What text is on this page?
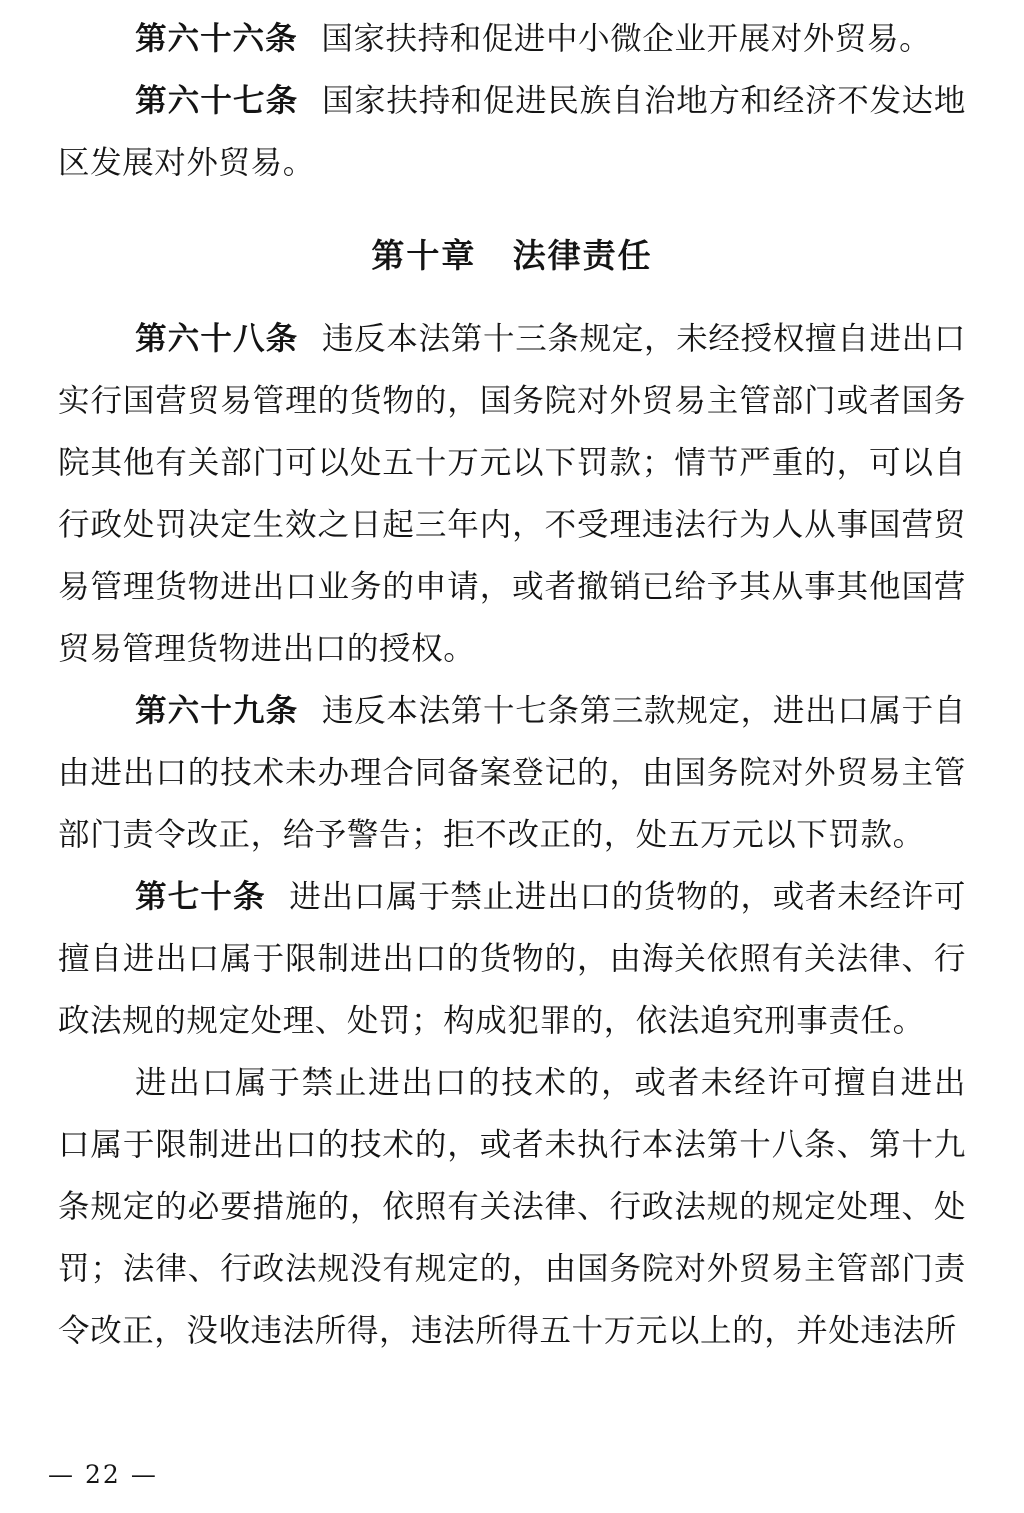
第六十六条 国家扶持和促进中小微企业开展对外贸易。

第六十七条 国家扶持和促进民族自治地方和经济不发达地区发展对外贸易。

第十章 法律责任

第六十八条 违反本法第十三条规定，未经授权擅自进出口实行国营贸易管理的货物的，国务院对外贸易主管部门或者国务院其他有关部门可以处五十万元以下罚款；情节严重的，可以自行政处罚决定生效之日起三年内，不受理违法行为人从事国营贸易管理货物进出口业务的申请，或者撤销已给予其从事其他国营贸易管理货物进出口的授权。

第六十九条 违反本法第十七条第三款规定，进出口属于自由进出口的技术未办理合同备案登记的，由国务院对外贸易主管部门责令改正，给予警告；拒不改正的，处五万元以下罚款。

第七十条 进出口属于禁止进出口的货物的，或者未经许可擅自进出口属于限制进出口的货物的，由海关依照有关法律、行政法规的规定处理、处罚；构成犯罪的，依法追究刑事责任。

进出口属于禁止进出口的技术的，或者未经许可擅自进出口属于限制进出口的技术的，或者未执行本法第十八条、第十九条规定的必要措施的，依照有关法律、行政法规的规定处理、处罚；法律、行政法规没有规定的，由国务院对外贸易主管部门责令改正，没收违法所得，违法所得五十万元以上的，并处违法所

— 22 —
